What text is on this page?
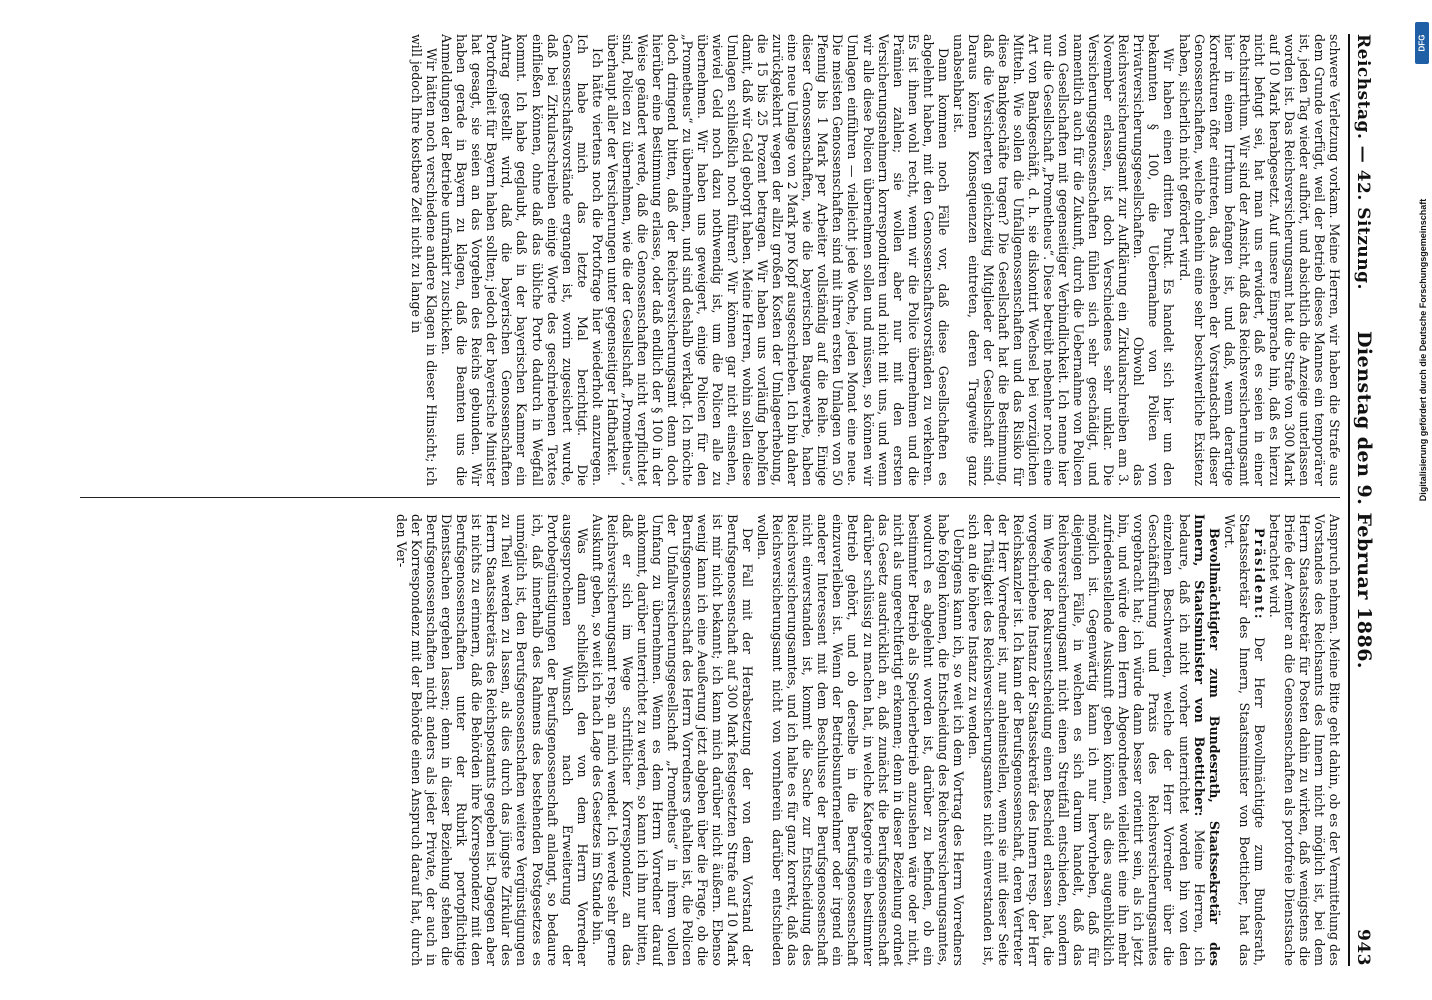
Reichstag. — 42. Sitzung.
Dienstag den 9. Februar 1886.
943

schwere Verletzung vorkam. Meine Herren, wir haben die Strafe aus dem Grunde verfügt, weil der Betrieb dieses Mannes ein temporärer ist, jeden Tag wieder aufhört, und absichtlich die Anzeige unterlassen worden ist. Das Reichsversicherungsamt hat die Strafe von 300 Mark auf 10 Mark herabgesetzt. Auf unsere Einsprache hin, daß es hierzu nicht befugt sei, hat man uns erwidert, daß es seien in einer Rechtsirrthum. Wir sind der Ansicht, daß das Reichsversicherungsamt hier in einem Irrthum befangen ist, und daß, wenn derartige Korrekturen öfter eintreten, das Ansehen der Vorstandschaft dieser Genossenschaften, welche ohnehin eine sehr beschwerliche Existenz haben, sicherlich nicht gefördert wird.

Wir haben einen dritten Punkt. Es handelt sich hier um den bekannten § 100, die Uebernahme von Policen von Privatversicherungsgesellschaften. Obwohl das Reichsversicherungsamt zur Aufklärung ein Zirkularschreiben am 3. November erlassen, ist doch Verschiedenes sehr unklar. Die Versicherungsgenossenschaften fühlen sich sehr geschädigt, und namentlich auch für die Zukunft, durch die Uebernahme von Policen von Gesellschaften mit gegenseitiger Verbindlichkeit. Ich nenne hier nur die Gesellschaft „Prometheus“. Diese betreibt nebenher noch eine Art von Bankgeschäft, d. h. sie diskontirt Wechsel bei vorzüglichen Mitteln. Wie sollen die Unfallgenossenschaften und das Risiko für diese Bankgeschäfte tragen? Die Gesellschaft hat die Bestimmung, daß die Versicherten gleichzeitig Mitglieder der Gesellschaft sind. Daraus können Konsequenzen eintreten, deren Tragweite ganz unabsehbar ist.

Dann kommen noch Fälle vor, daß diese Gesellschaften es abgelehnt haben, mit den Genossenschaftsvorständen zu verkehren. Es ist ihnen wohl recht, wenn wir die Police übernehmen und die Prämien zahlen; sie wollen aber nur mit den ersten Versicherungsnehmern korrespondiren und nicht mit uns, und wenn wir alle diese Policen übernehmen sollen und müssen, so können wir Umlagen einführen — vielleicht jede Woche, jeden Monat eine neue. Die meisten Genossenschaften sind mit ihren ersten Umlagen von 50 Pfennig bis 1 Mark per Arbeiter vollständig auf die Reihe. Einige dieser Genossenschaften, wie die bayerischen Baugewerbe, haben eine neue Umlage von 2 Mark pro Kopf ausgeschrieben. Ich bin daher zurückgekehrt wegen der allzu großen Kosten der Umlageerhebung, die 15 bis 25 Prozent betragen. Wir haben uns vorläufig beholfen damit, daß wir Geld geborgt haben. Meine Herren, wohin sollen diese Umlagen schließlich noch führen? Wir können gar nicht einsehen, wieviel Geld noch dazu nothwendig ist, um die Policen alle zu übernehmen. Wir haben uns geweigert, einige Policen für den „Prometheus“ zu übernehmen, und sind deshalb verklagt. Ich möchte doch dringend bitten, daß der Reichsversicherungsamt denn doch hierüber eine Bestimmung erlasse, oder daß endlich der § 100 in der Weise geändert werde, daß die Genossenschaften nicht verpflichtet sind, Policen zu übernehmen, wie die der Gesellschaft „Prometheus“, überhaupt aller der Versicherungen unter gegenseitiger Haftbarkeit.

Ich hätte viertens noch die Portofrage hier wiederholt anzuregen. Ich habe mich das letzte Mal berichtigt. Die Genossenschaftsvorstände ergangen ist, worin zugesichert wurde, daß bei Zirkularschreiben einige Worte des geschriebenen Textes einfließen können, ohne daß das übliche Porto dadurch in Wegfall kommt. Ich habe geglaubt, daß in der bayerischen Kammer ein Antrag gestellt wird, daß die bayerischen Genossenschaften Portofreiheit für Bayern haben sollten; jedoch der bayerische Minister hat gesagt, sie seien an das Vorgehen des Reichs gebunden. Wir haben gerade in Bayern zu klagen, daß die Beamten uns die Anmeldungen der Betriebe unfrankirt zuschicken.

Wir hätten noch verschiedene andere Klagen in dieser Hinsicht; ich will jedoch Ihre kostbare Zeit nicht zu lange in

Anspruch nehmen. Meine Bitte geht dahin, ob es der Vermittelung des Vorstandes des Reichsamts des Innern nicht möglich ist, bei dem Herrn Staatssekretär für Posten dahin zu wirken, daß wenigstens die Briefe der Aemter an die Genossenschaften als portofreie Dienstsache betrachtet wird.

Präsident: Der Herr Bevollmächtigte zum Bundesrath, Staatssekretär des Innern, Staatsminister von Boetticher, hat das Wort.

Bevollmächtigter zum Bundesrath, Staatssekretär des Innern, Staatsminister von Boetticher: Meine Herren, ich bedaure, daß ich nicht vorher unterrichtet worden bin von den einzelnen Beschwerden, welche der Herr Vorredner über die Geschäftsführung und Praxis des Reichsversicherungsamtes vorgebracht hat; ich würde dann besser orientirt sein, als ich jetzt bin, und würde dem Herrn Abgeordneten vielleicht eine ihn mehr zufriedenstellende Auskunft geben können, als dies augenblicklich möglich ist. Gegenwärtig kann ich nur hervorheben, daß für diejenigen Fälle, in welchen es sich darum handelt, daß das Reichsversicherungsamt nicht einen Streitfall entschieden, sondern im Wege der Rekursentscheidung einen Bescheid erlassen hat, die vorgeschriebene Instanz der Staatssekretär des Innern resp. der Herr Reichskanzler ist. Ich kann der Berufsgenossenschaft, deren Vertreter der Herr Vorredner ist, nur anheimstellen, wenn sie mit dieser Seite der Thätigkeit des Reichsversicherungsamtes nicht einverstanden ist, sich an die höhere Instanz zu wenden.

Uebrigens kann ich, so weit ich dem Vortrag des Herrn Vorredners habe folgen können, die Entscheidung des Reichsversicherungsamtes, wodurch es abgelehnt worden ist, darüber zu befinden, ob ein bestimmter Betrieb als Speicherbetrieb anzusehen wäre oder nicht, nicht als ungerechtfertigt erkennen; denn in dieser Beziehung ordnet das Gesetz ausdrücklich an, daß zunächst die Berufsgenossenschaft darüber schlüssig zu machen hat, in welche Kategorie ein bestimmter Betrieb gehört, und ob derselbe in die Berufsgenossenschaft einzuverleiben ist. Wenn der Betriebsunternehmer oder irgend ein anderer Interessent mit dem Beschlusse der Berufsgenossenschaft nicht einverstanden ist, kommt die Sache zur Entscheidung des Reichsversicherungsamtes, und ich halte es für ganz korrekt, daß das Reichsversicherungsamt nicht von vornherein darüber entschieden wollen.

Der Fall mit der Herabsetzung der von dem Vorstand der Berufsgenossenschaft auf 300 Mark festgesetzten Strafe auf 10 Mark ist mir nicht bekannt; ich kann mich darüber nicht äußern. Ebenso wenig kann ich eine Aeußerung jetzt abgeben über die Frage, ob die Berufsgenossenschaft des Herrn Vorredners gehalten ist, die Policen der Unfallversicherungsgesellschaft „Prometheus“ in ihrem vollen Umfang zu übernehmen. Wenn es dem Herrn Vorredner darauf ankommt, darüber unterrichtet zu werden, so kann ich ihn nur bitten, daß er sich im Wege schriftlicher Korrespondenz an das Reichsversicherungsamt resp. an mich wendet. Ich werde sehr gerne Auskunft geben, so weit ich nach Lage des Gesetzes im Stande bin.

Was dann schließlich den von dem Herrn Vorredner ausgesprochenen Wunsch nach Erweiterung der Portobegünstigungen der Berufsgenossenschaft anlangt, so bedaure ich, daß innerhalb des Rahmens des bestehenden Postgesetzes es unmöglich ist, den Berufsgenossenschaften weitere Vergünstigungen zu Theil werden zu lassen, als dies durch das jüngste Zirkular des Herrn Staatssekretärs des Reichspostamts gegeben ist. Dagegen aber ist nichts zu erinnern, daß die Behörden ihre Korrespondenz mit den Berufsgenossenschaften unter der Rubrik portopflichtige Dienstsachen ergehen lassen; denn in dieser Beziehung stehen die Berufsgenossenschaften nicht anders als jeder Private, der auch in der Korrespondenz mit der Behörde einen Anspruch darauf hat, durch den Ver-

DFG
Digitalisierung gefördert durch die Deutsche Forschungsgemeinschaft
